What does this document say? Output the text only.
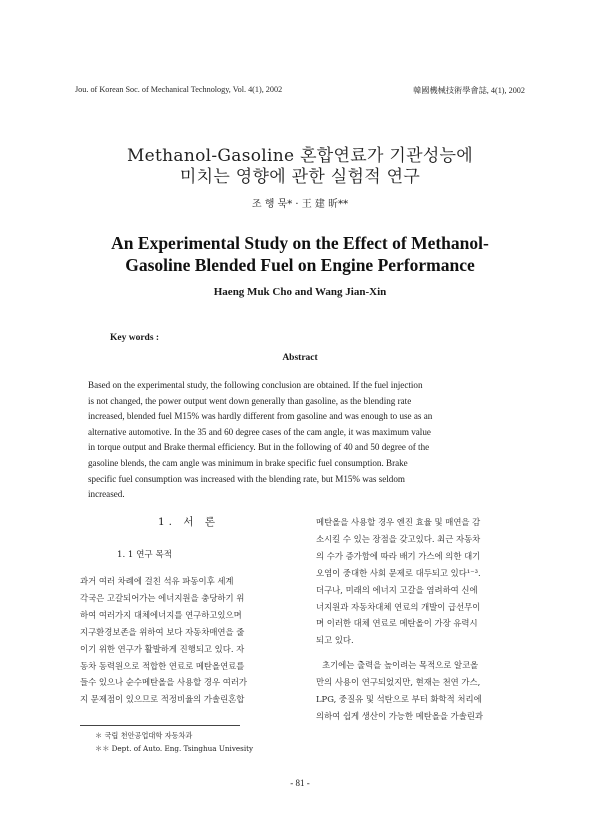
Jou. of Korean Soc. of Mechanical Technology, Vol. 4(1), 2002	韓國機械技術學會誌, 4(1), 2002
Methanol-Gasoline 혼합연료가 기관성능에
미치는 영향에 관한 실험적 연구
조 행 묵* · 王 建 昕**
An Experimental Study on the Effect of Methanol-
Gasoline Blended Fuel on Engine Performance
Haeng Muk Cho and Wang Jian-Xin
Key words :
Abstract
Based on the experimental study, the following conclusion are obtained. If the fuel injection
is not changed, the power output went down generally than gasoline, as the blending rate
increased, blended fuel M15% was hardly different from gasoline and was enough to use as an
alternative automotive. In the 35 and 60 degree cases of the cam angle, it was maximum value
in torque output and Brake thermal efficiency. But in the following of 40 and 50 degree of the
gasoline blends, the cam angle was minimum in brake specific fuel consumption. Brake
specific fuel consumption was increased with the blending rate, but M15% was seldom
increased.
1. 서 론
1. 1 연구 목적
과거 여러 차례에 걸친 석유 파동이후 세계
각국은 고갈되어가는 에너지원을 충당하기 위
하여 여러가지 대체에너지를 연구하고있으며
지구환경보존을 위하여 보다 자동차매연을 줄
이기 위한 연구가 활발하게 진행되고 있다. 자
동차 동력원으로 적합한 연료로 메탄올연료를
들수 있으나 순수메탄올을 사용할 경우 여러가
지 문제점이 있으므로 적정비율의 가솔린혼합
메탄올을 사용할 경우 엔진 효율 및 매연을 감
소시킬 수 있는 장점을 갖고있다. 최근 자동차
의 수가 증가함에 따라 배기 가스에 의한 대기
오염이 중대한 사회 문제로 대두되고 있다¹⁻³.
더구나, 미래의 에너지 고갈을 염려하여 신에
너지원과 자동차대체 연료의 개발이 급선무이
며 이러한 대체 연료로 메탄올이 가장 유력시
되고 있다.
초기에는 출력을 높이려는 목적으로 알코올
만의 사용이 연구되었지만, 현재는 천연 가스,
LPG, 중질유 및 석탄으로 부터 화학적 처리에
의하여 쉽게 생산이 가능한 메탄올을 가솔린과
＊ 국립 천안공업대학 자동차과
＊＊ Dept. of Auto. Eng. Tsinghua Univesity
- 81 -
